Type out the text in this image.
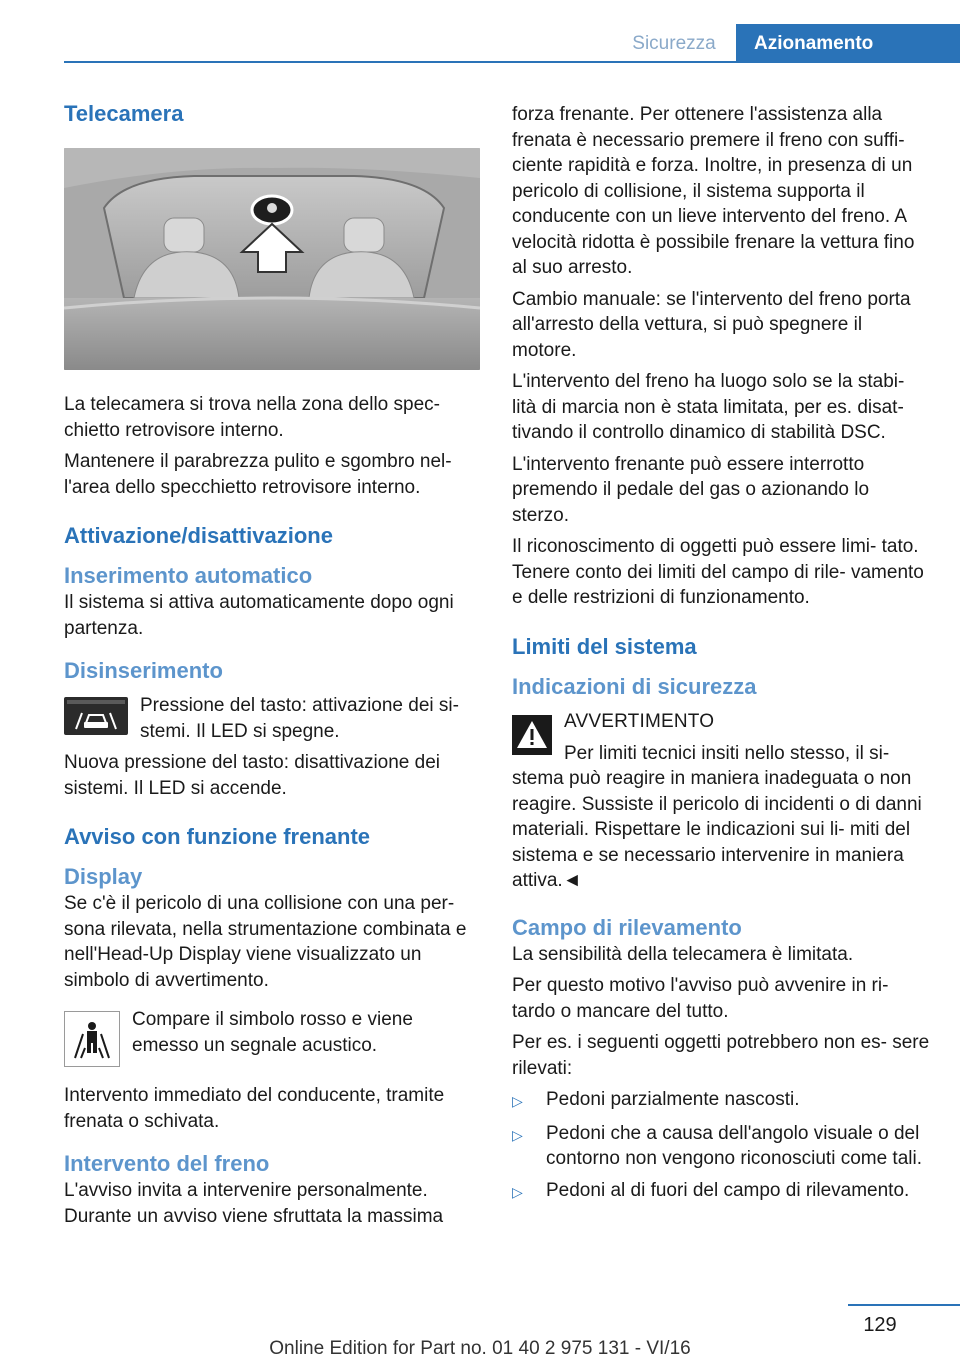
Sicurezza	Azionamento
Telecamera

La telecamera si trova nella zona dello spec- chietto retrovisore interno.

Mantenere il parabrezza pulito e sgombro nel- l'area dello specchietto retrovisore interno.

Attivazione/disattivazione
Inserimento automatico

Il sistema si attiva automaticamente dopo ogni partenza.

Disinserimento

Pressione del tasto: attivazione dei si- stemi. Il LED si spegne.

Nuova pressione del tasto: disattivazione dei sistemi. Il LED si accende.

Avviso con funzione frenante
Display

Se c'è il pericolo di una collisione con una per- sona rilevata, nella strumentazione combinata e nell'Head-Up Display viene visualizzato un simbolo di avvertimento.

Compare il simbolo rosso e viene emesso un segnale acustico.

Intervento immediato del conducente, tramite frenata o schivata.

Intervento del freno

L'avviso invita a intervenire personalmente. Durante un avviso viene sfruttata la massima

forza frenante. Per ottenere l'assistenza alla frenata è necessario premere il freno con suffi- ciente rapidità e forza. Inoltre, in presenza di un pericolo di collisione, il sistema supporta il conducente con un lieve intervento del freno. A velocità ridotta è possibile frenare la vettura fino al suo arresto.

Cambio manuale: se l'intervento del freno porta all'arresto della vettura, si può spegnere il motore.

L'intervento del freno ha luogo solo se la stabi- lità di marcia non è stata limitata, per es. disat- tivando il controllo dinamico di stabilità DSC.

L'intervento frenante può essere interrotto premendo il pedale del gas o azionando lo sterzo.

Il riconoscimento di oggetti può essere limi- tato. Tenere conto dei limiti del campo di rile- vamento e delle restrizioni di funzionamento.

Limiti del sistema
Indicazioni di sicurezza
AVVERTIMENTO

Per limiti tecnici insiti nello stesso, il si- stema può reagire in maniera inadeguata o non reagire. Sussiste il pericolo di incidenti o di danni materiali. Rispettare le indicazioni sui li- miti del sistema e se necessario intervenire in maniera attiva.◄

Campo di rilevamento

La sensibilità della telecamera è limitata.

Per questo motivo l'avviso può avvenire in ri- tardo o mancare del tutto.

Per es. i seguenti oggetti potrebbero non es- sere rilevati:

▷	Pedoni parzialmente nascosti.
▷	Pedoni che a causa dell'angolo visuale o del contorno non vengono riconosciuti come tali.
▷	Pedoni al di fuori del campo di rilevamento.
129
Online Edition for Part no. 01 40 2 975 131 - VI/16
